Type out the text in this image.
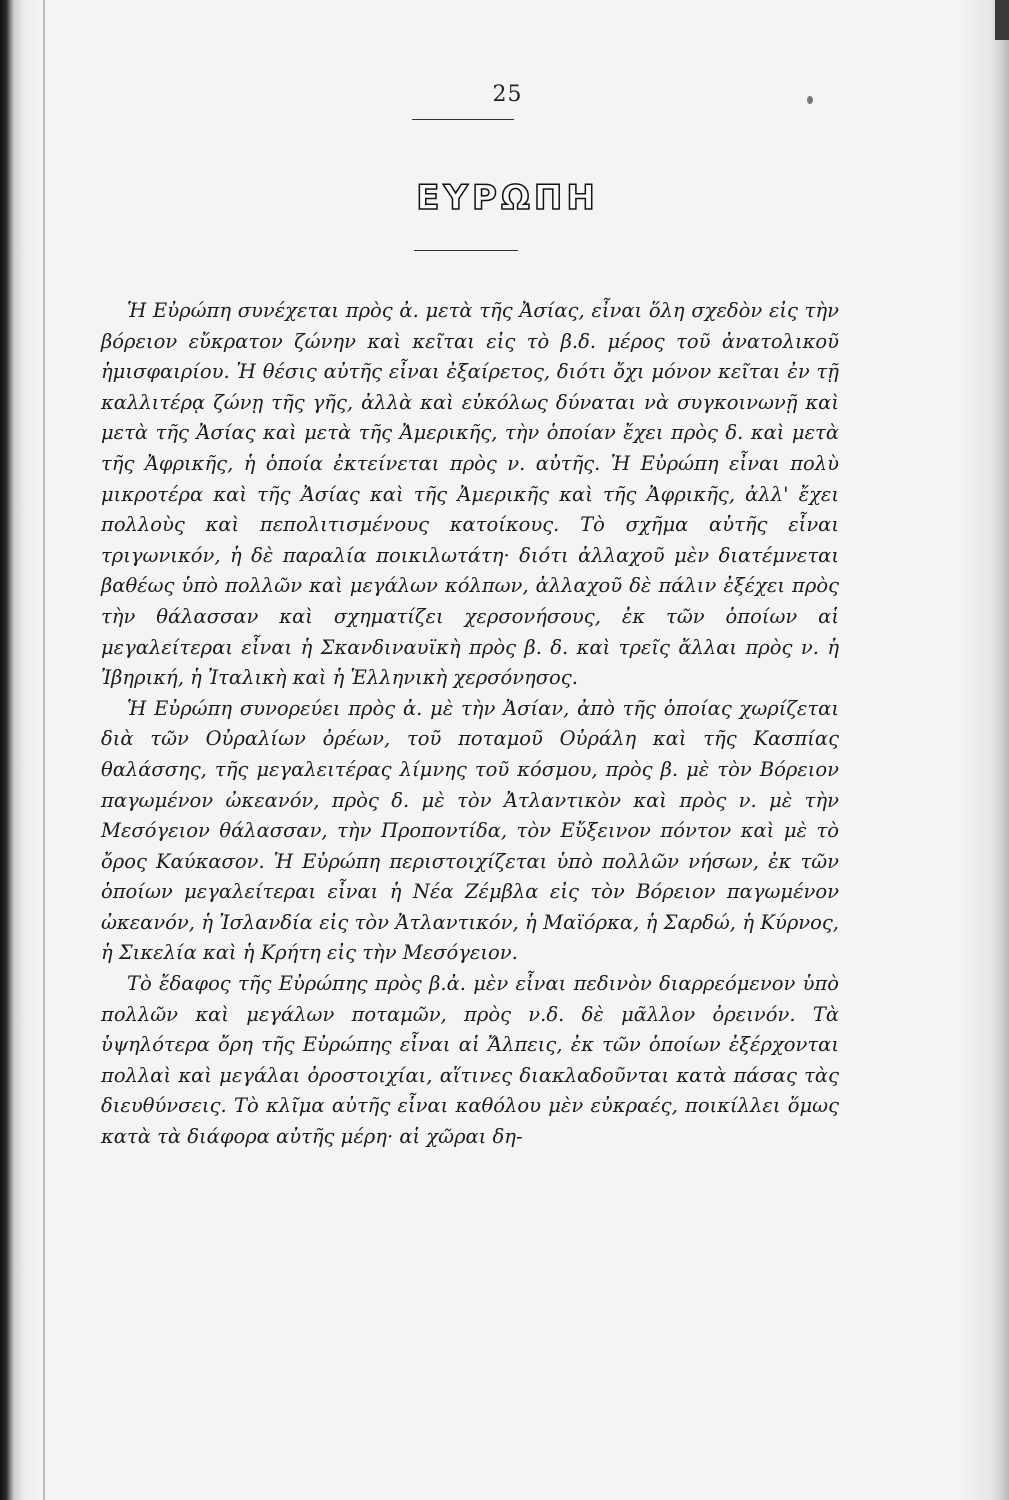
25
ΕΥΡΩΠΗ

Ἡ Εὐρώπη συνέχεται πρὸς ἀ. μετὰ τῆς Ἀσίας, εἶναι ὅλη σχεδὸν εἰς τὴν βόρειον εὔκρατον ζώνην καὶ κεῖται εἰς τὸ β.δ. μέρος τοῦ ἀνατολικοῦ ἡμισφαιρίου. Ἡ θέσις αὐτῆς εἶναι ἐξαίρετος, διότι ὄχι μόνον κεῖται ἐν τῇ καλλιτέρᾳ ζώνῃ τῆς γῆς, ἀλλὰ καὶ εὐκόλως δύναται νὰ συγκοινωνῇ καὶ μετὰ τῆς Ἀσίας καὶ μετὰ τῆς Ἀμερικῆς, τὴν ὁποίαν ἔχει πρὸς δ. καὶ μετὰ τῆς Ἀφρικῆς, ἡ ὁποία ἐκτείνεται πρὸς ν. αὐτῆς. Ἡ Εὐρώπη εἶναι πολὺ μικροτέρα καὶ τῆς Ἀσίας καὶ τῆς Ἀμερικῆς καὶ τῆς Ἀφρικῆς, ἀλλ' ἔχει πολλοὺς καὶ πεπολιτισμένους κατοίκους. Τὸ σχῆμα αὐτῆς εἶναι τριγωνικόν, ἡ δὲ παραλία ποικιλωτάτη· διότι ἀλλαχοῦ μὲν διατέμνεται βαθέως ὑπὸ πολλῶν καὶ μεγάλων κόλπων, ἀλλαχοῦ δὲ πάλιν ἐξέχει πρὸς τὴν θάλασσαν καὶ σχηματίζει χερσονήσους, ἐκ τῶν ὁποίων αἱ μεγαλείτεραι εἶναι ἡ Σκανδιναυϊκὴ πρὸς β. δ. καὶ τρεῖς ἄλλαι πρὸς ν. ἡ Ἰβηρική, ἡ Ἰταλικὴ καὶ ἡ Ἑλληνικὴ χερσόνησος.

Ἡ Εὐρώπη συνορεύει πρὸς ἀ. μὲ τὴν Ἀσίαν, ἀπὸ τῆς ὁποίας χωρίζεται διὰ τῶν Οὐραλίων ὀρέων, τοῦ ποταμοῦ Οὐράλη καὶ τῆς Κασπίας θαλάσσης, τῆς μεγαλειτέρας λίμνης τοῦ κόσμου, πρὸς β. μὲ τὸν Βόρειον παγωμένον ὠκεανόν, πρὸς δ. μὲ τὸν Ἀτλαντικὸν καὶ πρὸς ν. μὲ τὴν Μεσόγειον θάλασσαν, τὴν Προποντίδα, τὸν Εὔξεινον πόντον καὶ μὲ τὸ ὄρος Καύκασον. Ἡ Εὐρώπη περιστοιχίζεται ὑπὸ πολλῶν νήσων, ἐκ τῶν ὁποίων μεγαλείτεραι εἶναι ἡ Νέα Ζέμβλα εἰς τὸν Βόρειον παγωμένον ὠκεανόν, ἡ Ἰσλανδία εἰς τὸν Ἀτλαντικόν, ἡ Μαϊόρκα, ἡ Σαρδώ, ἡ Κύρνος, ἡ Σικελία καὶ ἡ Κρήτη εἰς τὴν Μεσόγειον.

Τὸ ἔδαφος τῆς Εὐρώπης πρὸς β.ἀ. μὲν εἶναι πεδινὸν διαρρεόμενον ὑπὸ πολλῶν καὶ μεγάλων ποταμῶν, πρὸς ν.δ. δὲ μᾶλλον ὀρεινόν. Τὰ ὑψηλότερα ὄρη τῆς Εὐρώπης εἶναι αἱ Ἄλπεις, ἐκ τῶν ὁποίων ἐξέρχονται πολλαὶ καὶ μεγάλαι ὀροστοιχίαι, αἵτινες διακλαδοῦνται κατὰ πάσας τὰς διευθύνσεις. Τὸ κλῖμα αὐτῆς εἶναι καθόλου μὲν εὐκραές, ποικίλλει ὅμως κατὰ τὰ διάφορα αὐτῆς μέρη· αἱ χῶραι δη-
